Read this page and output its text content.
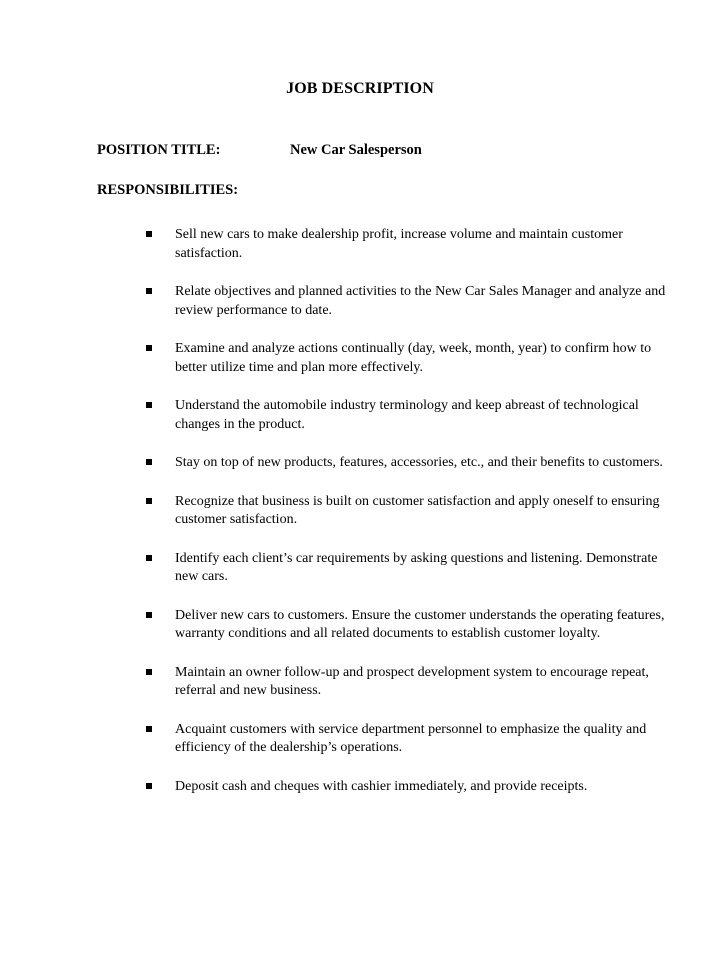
JOB DESCRIPTION
POSITION TITLE:	New Car Salesperson
RESPONSIBILITIES:
Sell new cars to make dealership profit, increase volume and maintain customer satisfaction.
Relate objectives and planned activities to the New Car Sales Manager and analyze and review performance to date.
Examine and analyze actions continually (day, week, month, year) to confirm how to better utilize time and plan more effectively.
Understand the automobile industry terminology and keep abreast of technological changes in the product.
Stay on top of new products, features, accessories, etc., and their benefits to customers.
Recognize that business is built on customer satisfaction and apply oneself to ensuring customer satisfaction.
Identify each client’s car requirements by asking questions and listening. Demonstrate new cars.
Deliver new cars to customers. Ensure the customer understands the operating features, warranty conditions and all related documents to establish customer loyalty.
Maintain an owner follow-up and prospect development system to encourage repeat, referral and new business.
Acquaint customers with service department personnel to emphasize the quality and efficiency of the dealership’s operations.
Deposit cash and cheques with cashier immediately, and provide receipts.
